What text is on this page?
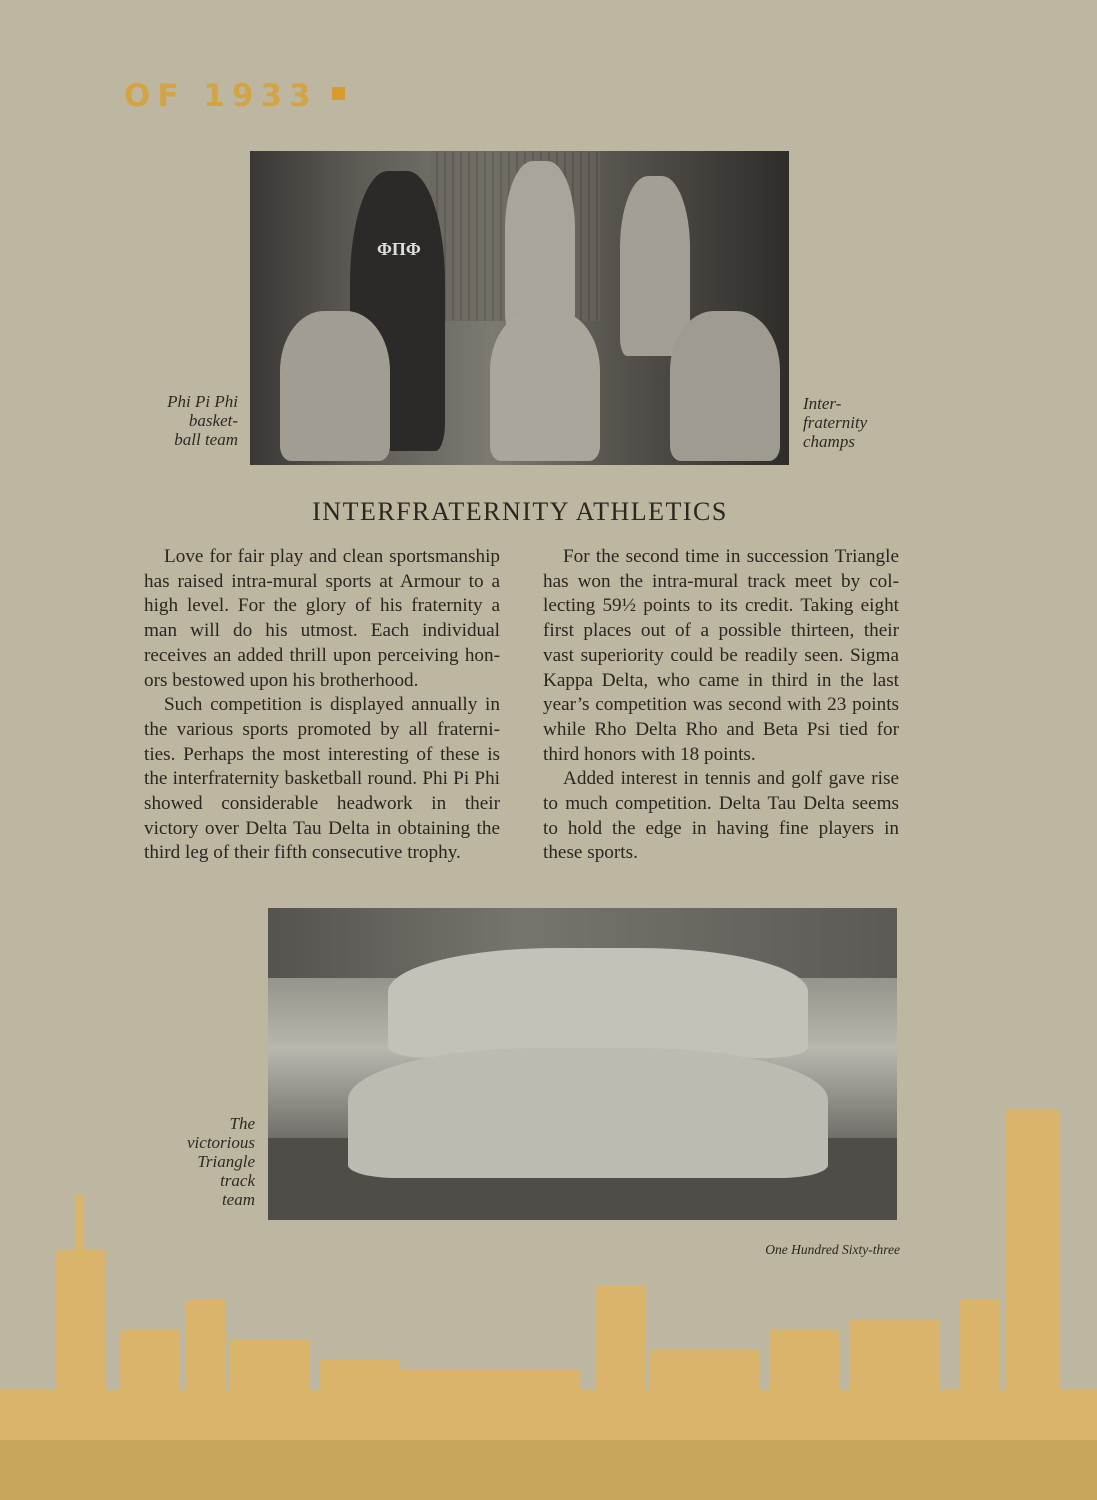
OF 1933
ΦΠΦ
Phi Pi Phi
basket-
ball team
Inter-
fraternity
champs
INTERFRATERNITY ATHLETICS

Love for fair play and clean sportsmanship has raised intra-mural sports at Armour to a high level. For the glory of his fraternity a man will do his utmost. Each individual receives an added thrill upon perceiving hon-ors bestowed upon his brotherhood.

Such competition is displayed annually in the various sports promoted by all fraterni-ties. Perhaps the most interesting of these is the interfraternity basketball round. Phi Pi Phi showed considerable headwork in their victory over Delta Tau Delta in obtaining the third leg of their fifth consecutive trophy.

For the second time in succession Triangle has won the intra-mural track meet by col-lecting 59½ points to its credit. Taking eight first places out of a possible thirteen, their vast superiority could be readily seen. Sigma Kappa Delta, who came in third in the last year’s competition was second with 23 points while Rho Delta Rho and Beta Psi tied for third honors with 18 points.

Added interest in tennis and golf gave rise to much competition. Delta Tau Delta seems to hold the edge in having fine players in these sports.

The
victorious
Triangle
track
team
One Hundred Sixty-three
